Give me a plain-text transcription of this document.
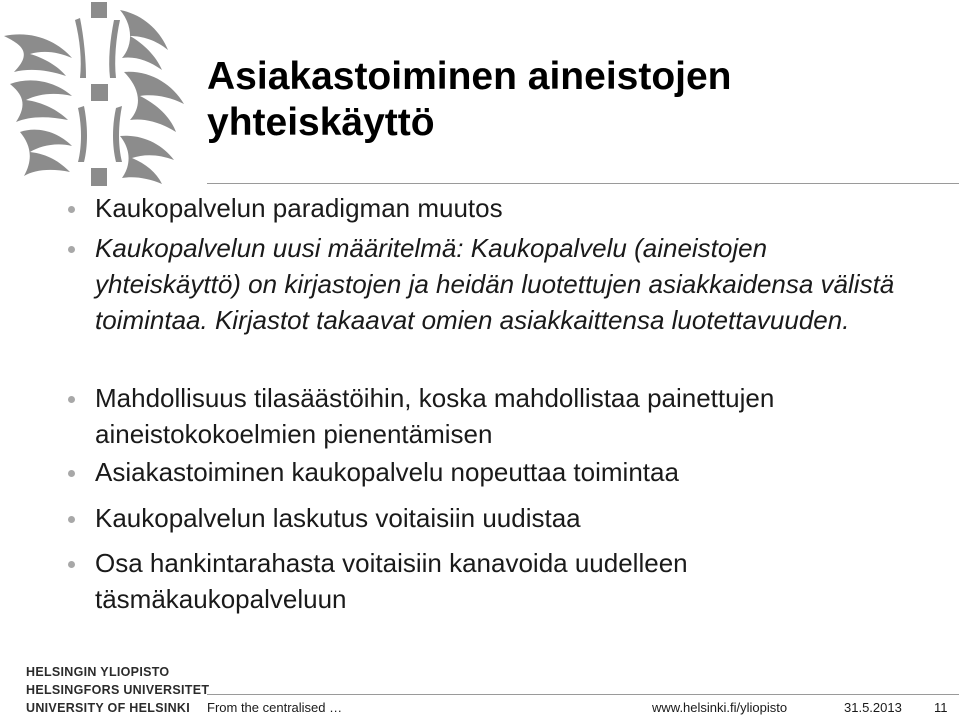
Asiakastoiminen aineistojen yhteiskäyttö
Kaukopalvelun paradigman muutos
Kaukopalvelun uusi määritelmä: Kaukopalvelu (aineistojen yhteiskäyttö) on kirjastojen ja heidän luotettujen asiakkaidensa välistä toimintaa. Kirjastot takaavat omien asiakkaittensa luotettavuuden.
Mahdollisuus tilasäästöihin, koska mahdollistaa painettujen aineistokokoelmien pienentämisen
Asiakastoiminen kaukopalvelu nopeuttaa toimintaa
Kaukopalvelun laskutus voitaisiin uudistaa
Osa hankintarahasta voitaisiin kanavoida uudelleen täsmäkaukopalveluun
HELSINGIN YLIOPISTO
HELSINGFORS UNIVERSITET
UNIVERSITY OF HELSINKI From the centralised …	www.helsinki.fi/yliopisto	31.5.2013 11
